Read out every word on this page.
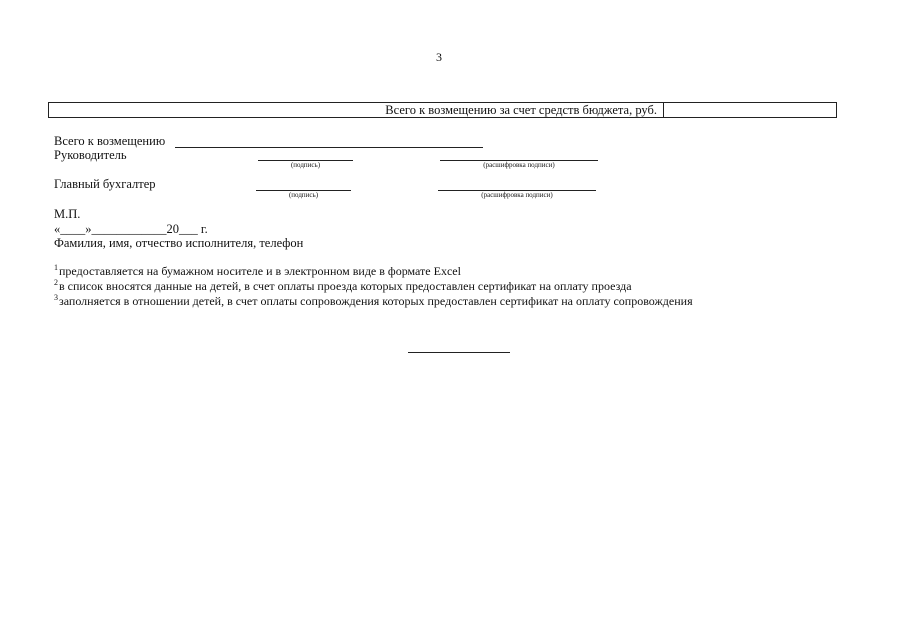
3
Всего к возмещению за счет средств бюджета, руб.
Всего к возмещению
Руководитель
(подпись)	(расшифровка подписи)
Главный бухгалтер
(подпись)	(расшифровка подписи)
М.П.
«____»____________20___ г.
Фамилия, имя, отчество исполнителя, телефон
$^1$предоставляется на бумажном носителе и в электронном виде в формате Excel
$^2$в список вносятся данные на детей, в счет оплаты проезда которых предоставлен сертификат на оплату проезда
$^3$заполняется в отношении детей, в счет оплаты сопровождения которых предоставлен сертификат на оплату сопровождения
